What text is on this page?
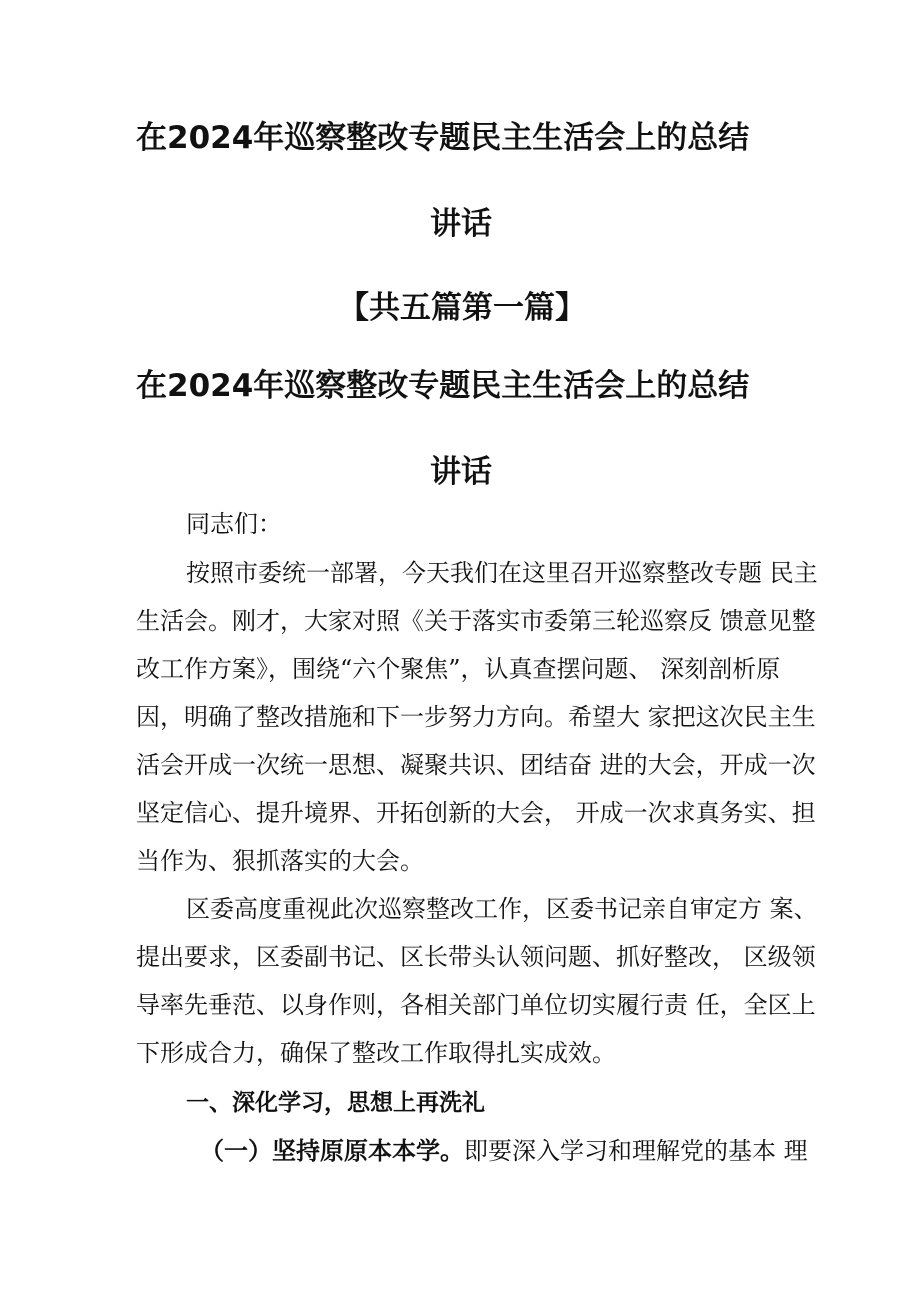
在2024年巡察整改专题民主生活会上的总结
讲话
【共五篇第一篇】
在2024年巡察整改专题民主生活会上的总结
讲话
同志们：
按照市委统一部署，今天我们在这里召开巡察整改专题 民主
生活会。刚才，大家对照《关于落实市委第三轮巡察反 馈意见整
改工作方案》，围绕“六个聚焦”，认真查摆问题、 深刻剖析原
因，明确了整改措施和下一步努力方向。希望大 家把这次民主生
活会开成一次统一思想、凝聚共识、团结奋 进的大会，开成一次
坚定信心、提升境界、开拓创新的大会， 开成一次求真务实、担
当作为、狠抓落实的大会。
区委高度重视此次巡察整改工作，区委书记亲自审定方 案、
提出要求，区委副书记、区长带头认领问题、抓好整改， 区级领
导率先垂范、以身作则，各相关部门单位切实履行责 任，全区上
下形成合力，确保了整改工作取得扎实成效。
一、深化学习，思想上再洗礼
（一）坚持原原本本学。即要深入学习和理解党的基本 理
